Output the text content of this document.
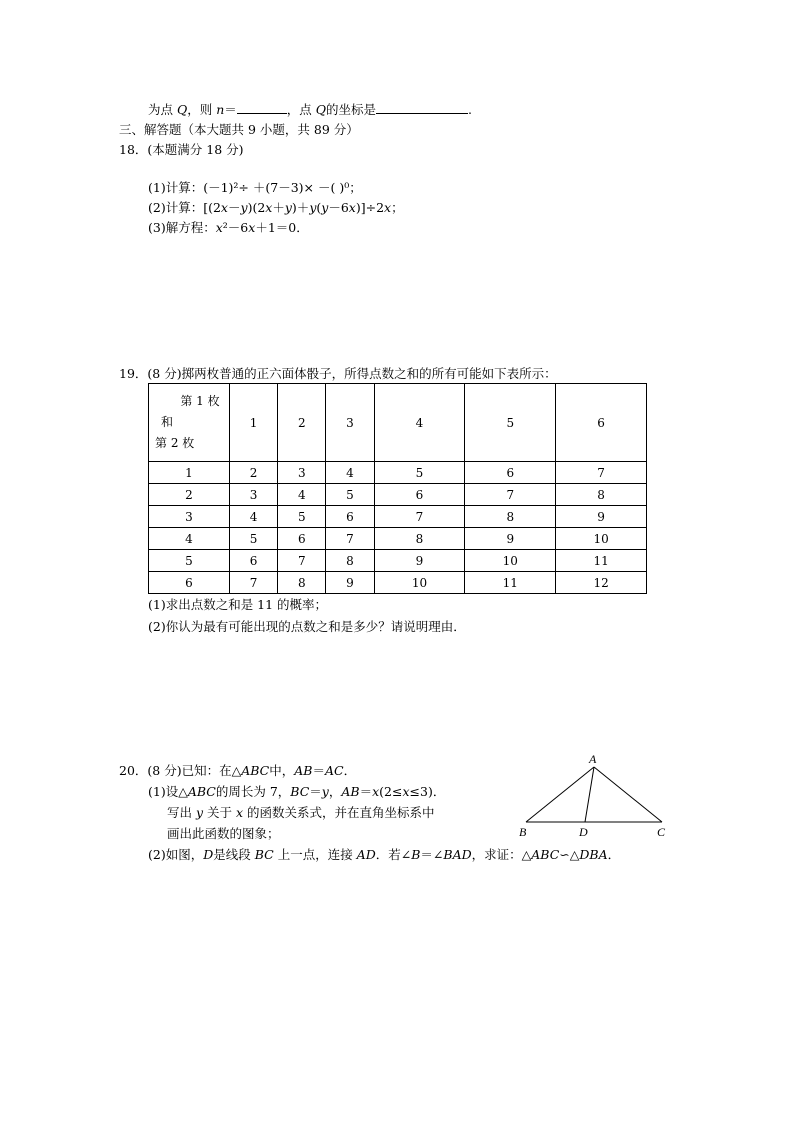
为点 Q，则 n＝	，点 Q的坐标是	.
三、解答题（本大题共 9 小题，共 89 分）
18．(本题满分 18 分)
(1)计算：(－1)²÷ ＋(7－3)× －( )⁰；
(2)计算：[(2x－y)(2x＋y)＋y(y－6x)]÷2x；
(3)解方程：x²－6x＋1＝0．
19．(8 分)掷两枚普通的正六面体骰子，所得点数之和的所有可能如下表所示：
第 1 枚
和
第 2 枚	1	2	3	4	5	6
1	2	3	4	5	6	7
2	3	4	5	6	7	8
3	4	5	6	7	8	9
4	5	6	7	8	9	10
5	6	7	8	9	10	11
6	7	8	9	10	11	12
(1)求出点数之和是 11 的概率；
(2)你认为最有可能出现的点数之和是多少？请说明理由．
20．(8 分)已知：在△ABC中，AB＝AC．
(1)设△ABC的周长为 7，BC＝y，AB＝x(2≤x≤3)．
写出 y 关于 x 的函数关系式，并在直角坐标系中
画出此函数的图象；
(2)如图，D是线段 BC 上一点，连接 AD．若∠B＝∠BAD，求证：△ABC∽△DBA．
A
B	D	C
